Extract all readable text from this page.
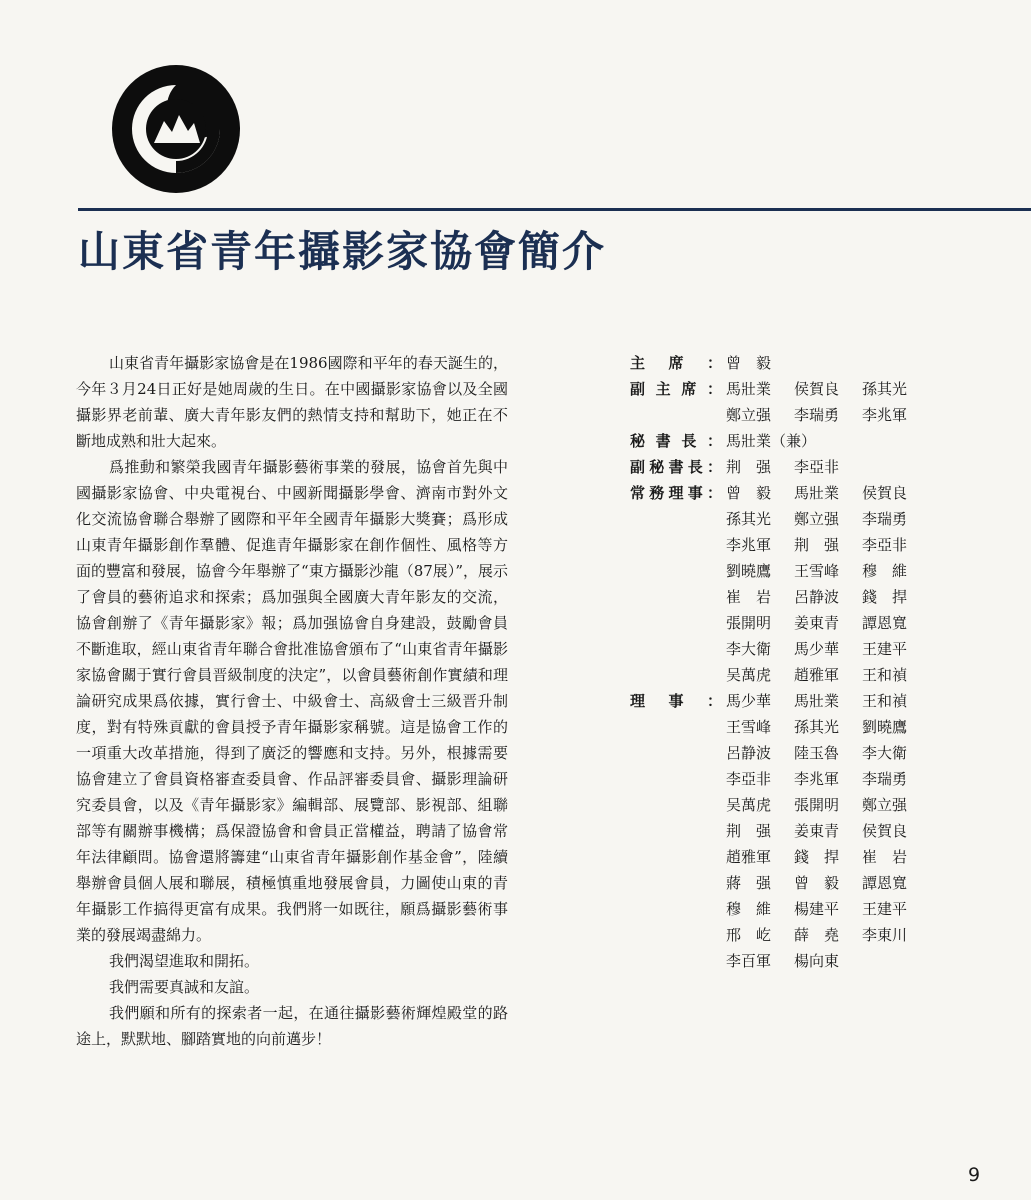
山東省青年攝影家協會簡介

山東省青年攝影家協會是在1986國際和平年的春天誕生的，今年３月24日正好是她周歲的生日。在中國攝影家協會以及全國攝影界老前輩、廣大青年影友們的熱情支持和幫助下，她正在不斷地成熟和壯大起來。

爲推動和繁榮我國青年攝影藝術事業的發展，協會首先與中國攝影家協會、中央電視台、中國新聞攝影學會、濟南市對外文化交流協會聯合舉辦了國際和平年全國青年攝影大獎賽；爲形成山東青年攝影創作羣體、促進青年攝影家在創作個性、風格等方面的豐富和發展，協會今年舉辦了“東方攝影沙龍（87展）”，展示了會員的藝術追求和探索；爲加强與全國廣大青年影友的交流，協會創辦了《青年攝影家》報；爲加强協會自身建設，鼓勵會員不斷進取，經山東省青年聯合會批准協會頒布了“山東省青年攝影家協會關于實行會員晋級制度的決定”，以會員藝術創作實績和理論研究成果爲依據，實行會士、中級會士、高級會士三級晋升制度，對有特殊貢獻的會員授予青年攝影家稱號。這是協會工作的一項重大改革措施，得到了廣泛的響應和支持。另外，根據需要協會建立了會員資格審查委員會、作品評審委員會、攝影理論研究委員會，以及《青年攝影家》編輯部、展覽部、影視部、組聯部等有關辦事機構；爲保證協會和會員正當權益，聘請了協會常年法律顧問。協會還將籌建“山東省青年攝影創作基金會”，陸續舉辦會員個人展和聯展，積極慎重地發展會員，力圖使山東的青年攝影工作搞得更富有成果。我們將一如既往，願爲攝影藝術事業的發展竭盡綿力。

我們渴望進取和開拓。

我們需要真誠和友誼。

我們願和所有的探索者一起，在通往攝影藝術輝煌殿堂的路途上，默默地、腳踏實地的向前邁步！

主席： 曾　毅
副主席： 馬壯業	侯賀良	孫其光
鄭立强	李瑞勇	李兆軍
秘書長： 馬壯業（兼）
副秘書長： 荆　强	李亞非
常務理事： 曾　毅	馬壯業	侯賀良
孫其光	鄭立强	李瑞勇
李兆軍	荆　强	李亞非
劉曉鷹	王雪峰	穆　維
崔　岩	呂静波	錢　捍
張開明	姜東青	譚恩寬
李大衛	馬少華	王建平
吴萬虎	趙雅軍	王和禎
理事： 馬少華	馬壯業	王和禎
王雪峰	孫其光	劉曉鷹
呂静波	陸玉魯	李大衛
李亞非	李兆軍	李瑞勇
吴萬虎	張開明	鄭立强
荆　强	姜東青	侯賀良
趙雅軍	錢　捍	崔　岩
蔣　强	曾　毅	譚恩寬
穆　維	楊建平	王建平
邢　屹	薛　堯	李東川
李百軍	楊向東
9
